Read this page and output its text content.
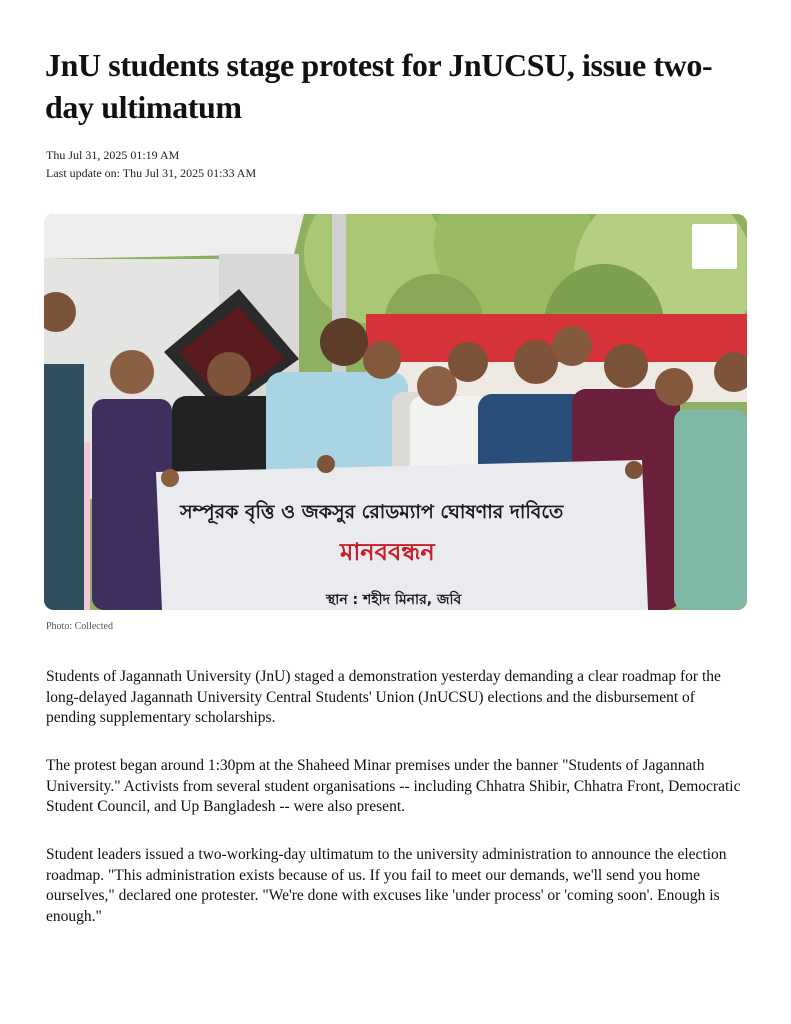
JnU students stage protest for JnUCSU, issue two-day ultimatum
Thu Jul 31, 2025 01:19 AM
Last update on: Thu Jul 31, 2025 01:33 AM
সম্পূরক বৃত্তি ও জকসুর রোডম্যাপ ঘোষণার দাবিতে
মানববন্ধন
স্থান : শহীদ মিনার, জবি
Photo: Collected

Students of Jagannath University (JnU) staged a demonstration yesterday demanding a clear roadmap for the long-delayed Jagannath University Central Students' Union (JnUCSU) elections and the disbursement of pending supplementary scholarships.

The protest began around 1:30pm at the Shaheed Minar premises under the banner "Students of Jagannath University." Activists from several student organisations -- including Chhatra Shibir, Chhatra Front, Democratic Student Council, and Up Bangladesh -- were also present.

Student leaders issued a two-working-day ultimatum to the university administration to announce the election roadmap. "This administration exists because of us. If you fail to meet our demands, we'll send you home ourselves," declared one protester. "We're done with excuses like 'under process' or 'coming soon'. Enough is enough."
